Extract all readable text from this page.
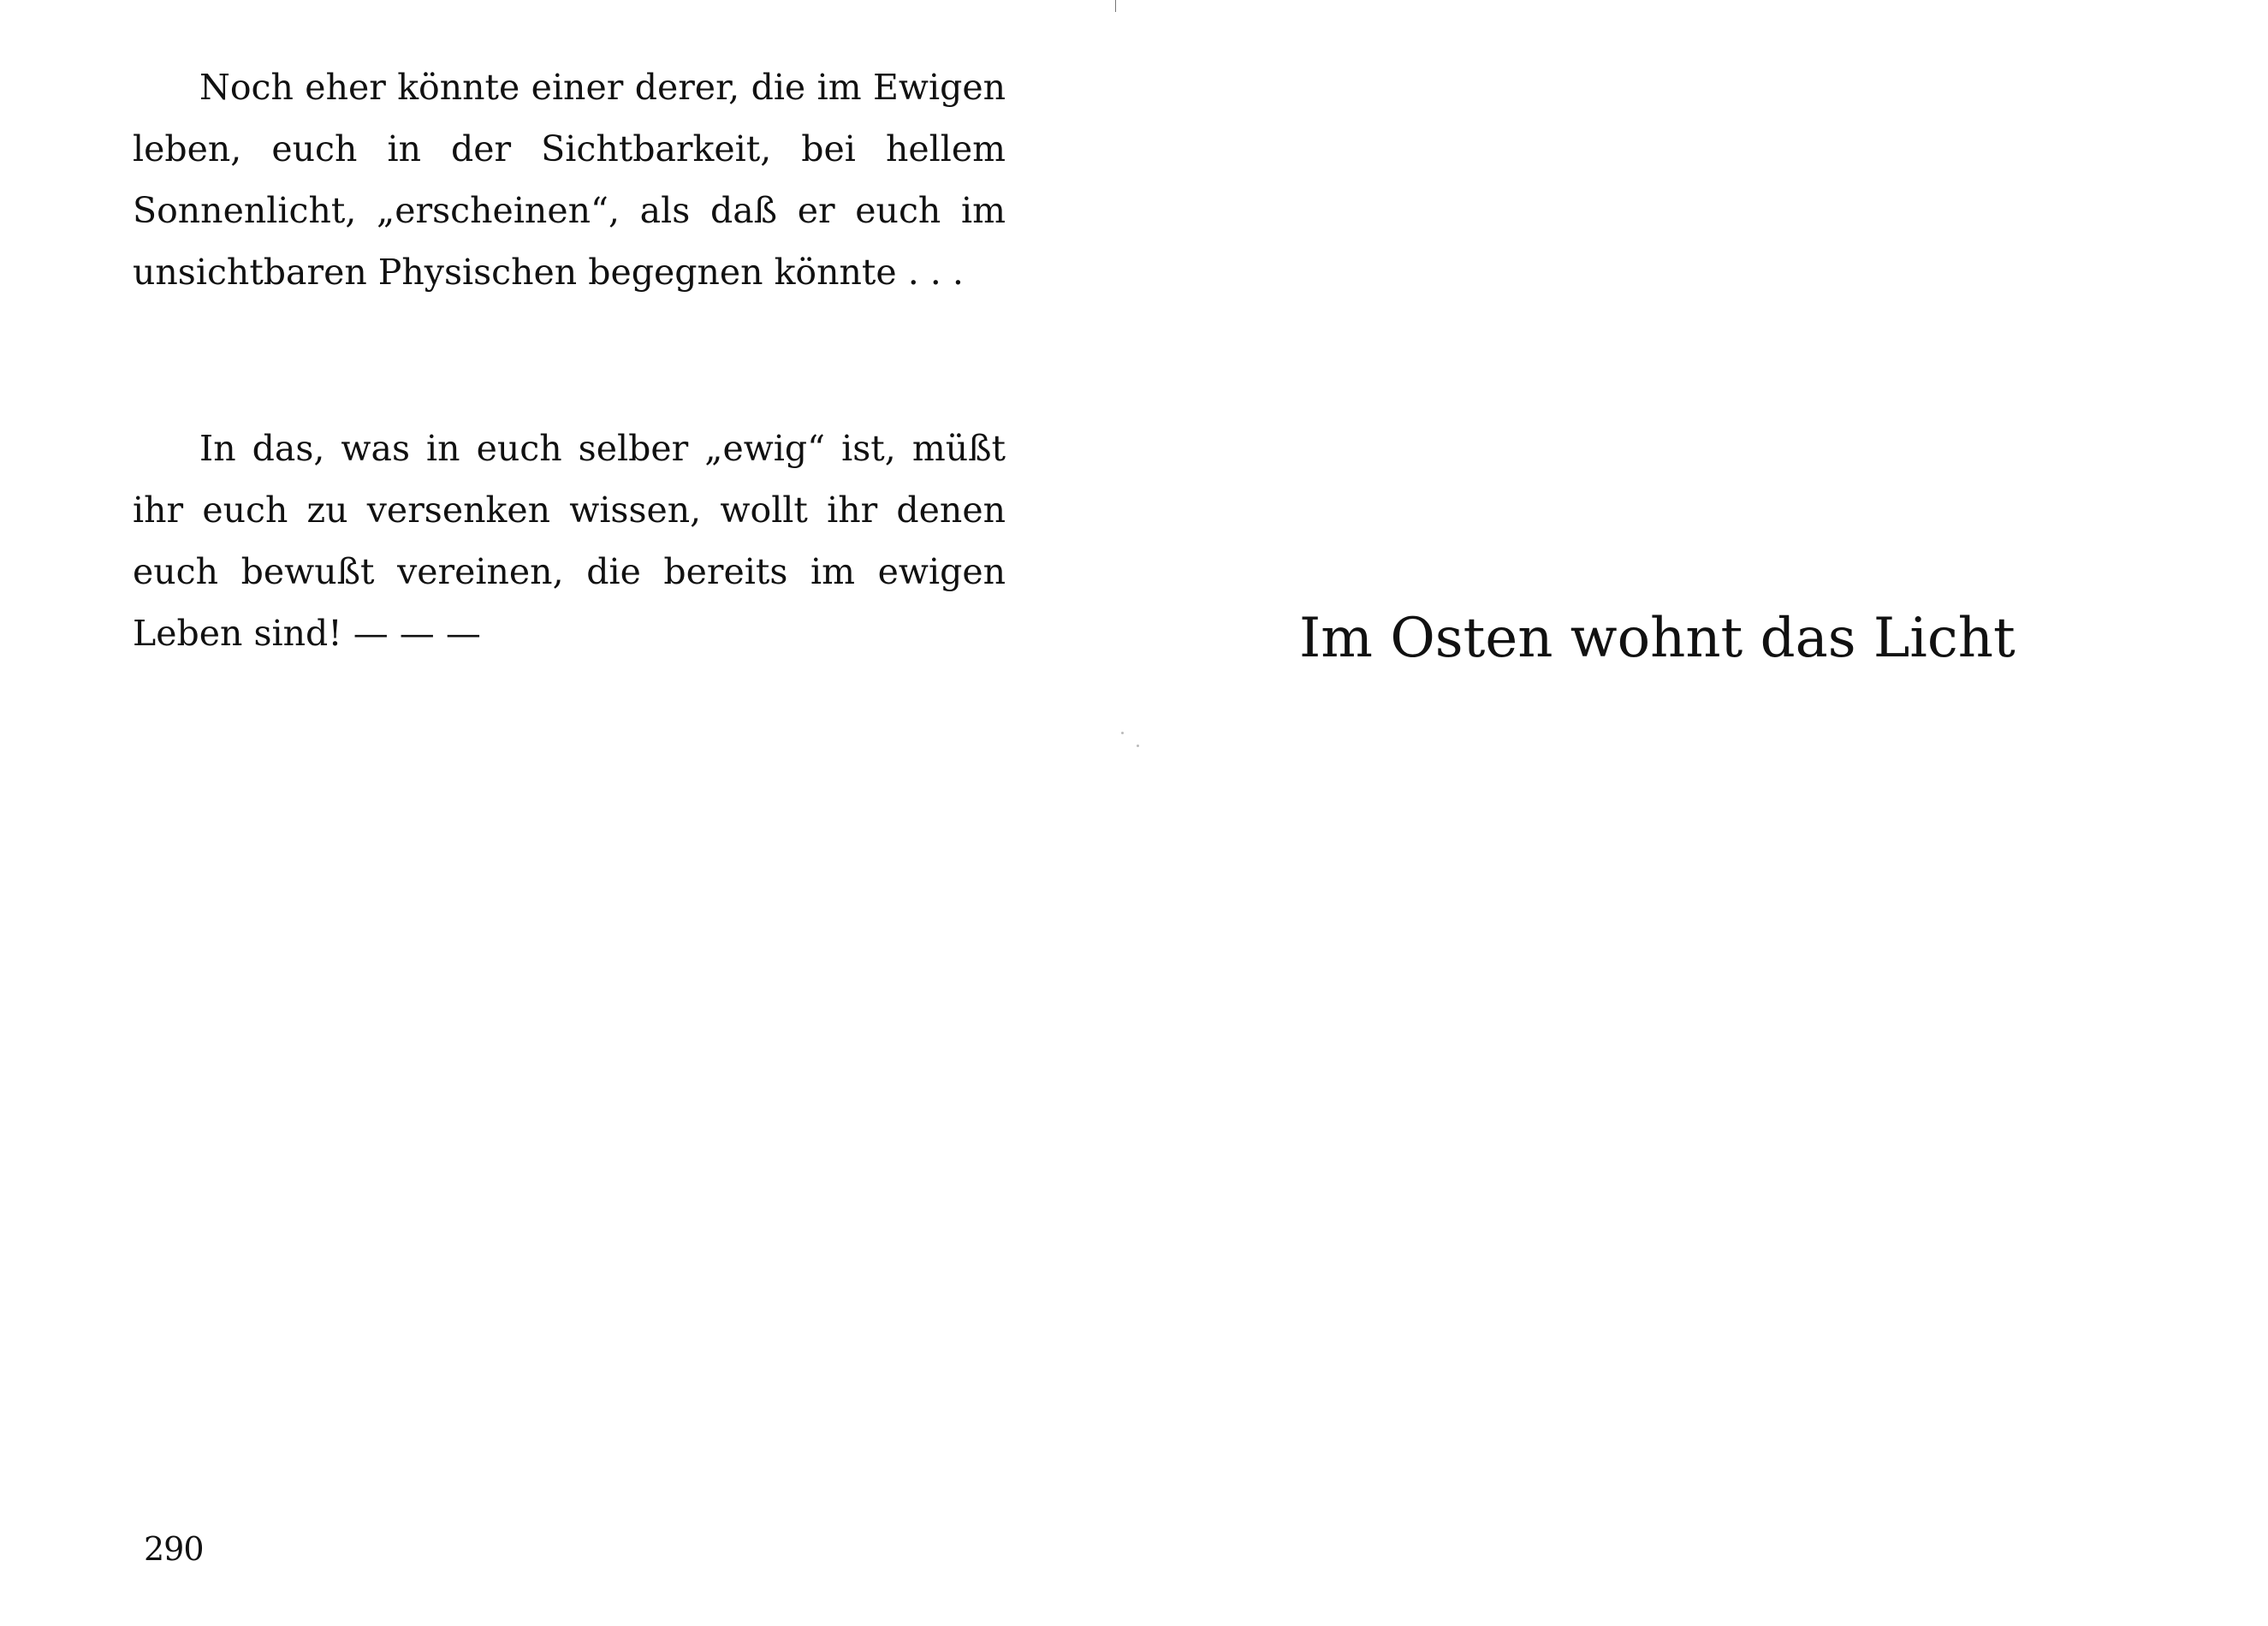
Noch eher könnte einer derer, die im Ewigen leben, euch in der Sichtbarkeit, bei hellem Sonnenlicht, „erscheinen“, als daß er euch im unsichtbaren Physischen begegnen könnte . . .

In das, was in euch selber „ewig“ ist, müßt ihr euch zu versenken wissen, wollt ihr denen euch bewußt vereinen, die bereits im ewigen Leben sind! — — —

290
Im Osten wohnt das Licht
